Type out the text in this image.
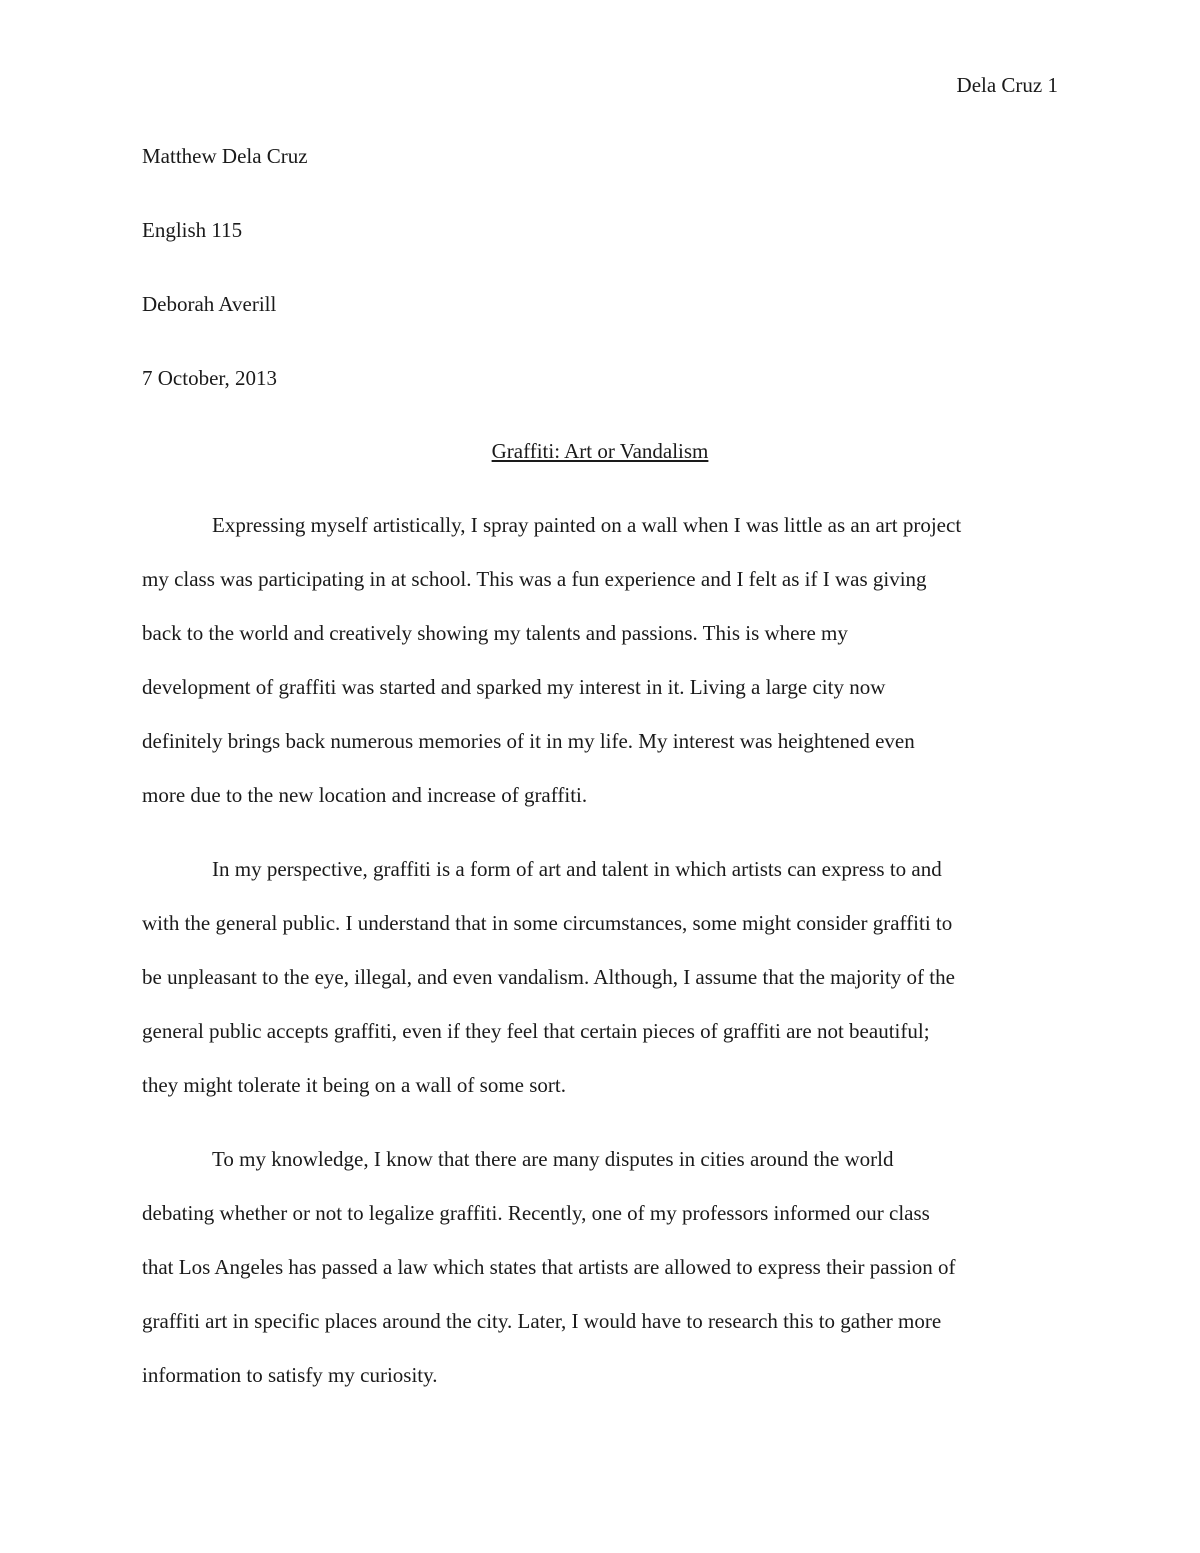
Dela Cruz 1
Matthew Dela Cruz
English 115
Deborah Averill
7 October, 2013
Graffiti: Art or Vandalism
Expressing myself artistically, I spray painted on a wall when I was little as an art project
my class was participating in at school. This was a fun experience and I felt as if I was giving
back to the world and creatively showing my talents and passions. This is where my
development of graffiti was started and sparked my interest in it. Living a large city now
definitely brings back numerous memories of it in my life. My interest was heightened even
more due to the new location and increase of graffiti.
In my perspective, graffiti is a form of art and talent in which artists can express to and
with the general public. I understand that in some circumstances, some might consider graffiti to
be unpleasant to the eye, illegal, and even vandalism. Although, I assume that the majority of the
general public accepts graffiti, even if they feel that certain pieces of graffiti are not beautiful;
they might tolerate it being on a wall of some sort.
To my knowledge, I know that there are many disputes in cities around the world
debating whether or not to legalize graffiti. Recently, one of my professors informed our class
that Los Angeles has passed a law which states that artists are allowed to express their passion of
graffiti art in specific places around the city. Later, I would have to research this to gather more
information to satisfy my curiosity.
